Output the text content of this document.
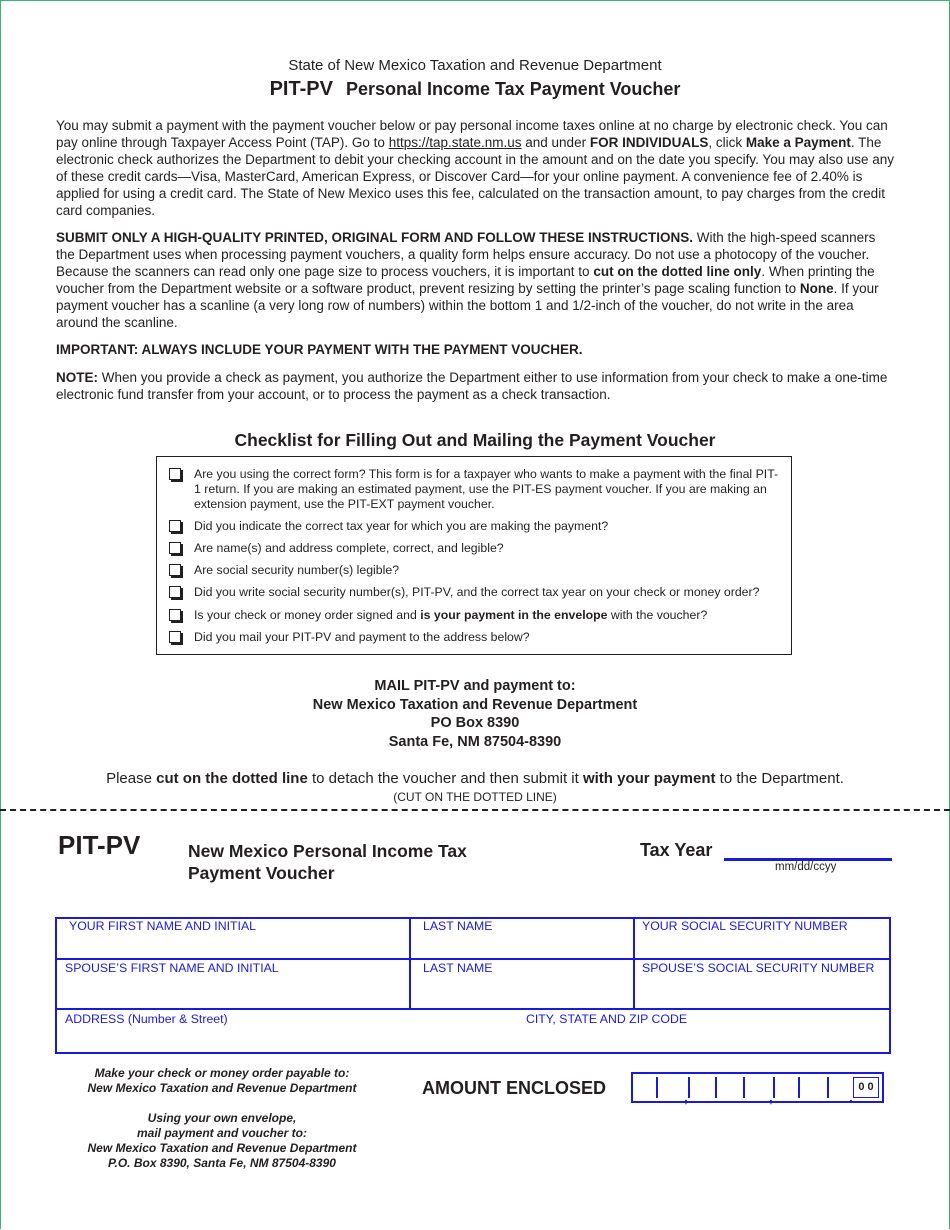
State of New Mexico Taxation and Revenue Department
PIT-PV Personal Income Tax Payment Voucher
You may submit a payment with the payment voucher below or pay personal income taxes online at no charge by electronic check. You can pay online through Taxpayer Access Point (TAP). Go to https://tap.state.nm.us and under FOR INDIVIDUALS, click Make a Payment. The electronic check authorizes the Department to debit your checking account in the amount and on the date you specify. You may also use any of these credit cards—Visa, MasterCard, American Express, or Discover Card—for your online payment. A convenience fee of 2.40% is applied for using a credit card. The State of New Mexico uses this fee, calculated on the transaction amount, to pay charges from the credit card companies.
SUBMIT ONLY A HIGH-QUALITY PRINTED, ORIGINAL FORM AND FOLLOW THESE INSTRUCTIONS. With the high-speed scanners the Department uses when processing payment vouchers, a quality form helps ensure accuracy. Do not use a photocopy of the voucher. Because the scanners can read only one page size to process vouchers, it is important to cut on the dotted line only. When printing the voucher from the Department website or a software product, prevent resizing by setting the printer’s page scaling function to None. If your payment voucher has a scanline (a very long row of numbers) within the bottom 1 and 1/2-inch of the voucher, do not write in the area around the scanline.
IMPORTANT: ALWAYS INCLUDE YOUR PAYMENT WITH THE PAYMENT VOUCHER.
NOTE: When you provide a check as payment, you authorize the Department either to use information from your check to make a one-time electronic fund transfer from your account, or to process the payment as a check transaction.
Checklist for Filling Out and Mailing the Payment Voucher
Are you using the correct form? This form is for a taxpayer who wants to make a payment with the final PIT-1 return. If you are making an estimated payment, use the PIT-ES payment voucher. If you are making an extension payment, use the PIT-EXT payment voucher.
Did you indicate the correct tax year for which you are making the payment?
Are name(s) and address complete, correct, and legible?
Are social security number(s) legible?
Did you write social security number(s), PIT-PV, and the correct tax year on your check or money order?
Is your check or money order signed and is your payment in the envelope with the voucher?
Did you mail your PIT-PV and payment to the address below?
MAIL PIT-PV and payment to:
New Mexico Taxation and Revenue Department
PO Box 8390
Santa Fe, NM 87504-8390
Please cut on the dotted line to detach the voucher and then submit it with your payment to the Department.
(CUT ON THE DOTTED LINE)
PIT-PV	New Mexico Personal Income Tax
Payment Voucher
Tax Year
mm/dd/ccyy
YOUR FIRST NAME AND INITIAL	LAST NAME	YOUR SOCIAL SECURITY NUMBER
SPOUSE’S FIRST NAME AND INITIAL	LAST NAME	SPOUSE’S SOCIAL SECURITY NUMBER
ADDRESS (Number & Street)	CITY, STATE AND ZIP CODE
Make your check or money order payable to:
New Mexico Taxation and Revenue Department
Using your own envelope,
mail payment and voucher to:
New Mexico Taxation and Revenue Department
P.O. Box 8390, Santa Fe, NM 87504-8390
AMOUNT ENCLOSED	,	,	.
0 0
